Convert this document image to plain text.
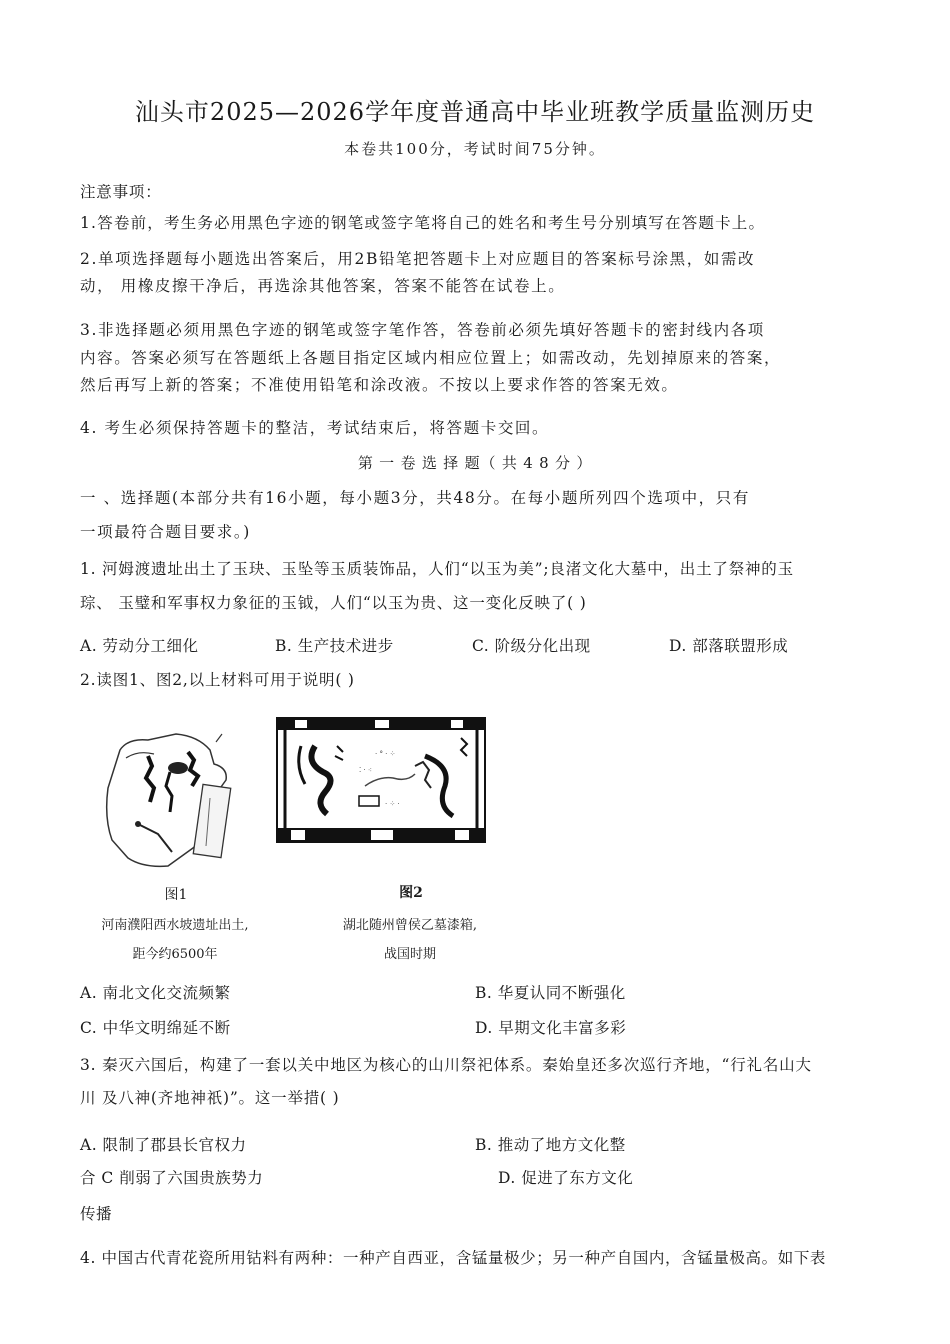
汕头市2025—2026学年度普通高中毕业班教学质量监测历史
本卷共100分，考试时间75分钟。
注意事项：
1.答卷前，考生务必用黑色字迹的钢笔或签字笔将自己的姓名和考生号分别填写在答题卡上。
2.单项选择题每小题选出答案后，用2B铅笔把答题卡上对应题目的答案标号涂黑，如需改
动， 用橡皮擦干净后，再选涂其他答案，答案不能答在试卷上。
3.非选择题必须用黑色字迹的钢笔或签字笔作答，答卷前必须先填好答题卡的密封线内各项
内容。答案必须写在答题纸上各题目指定区域内相应位置上；如需改动，先划掉原来的答案，
然后再写上新的答案；不准使用铅笔和涂改液。不按以上要求作答的答案无效。
4. 考生必须保持答题卡的整洁，考试结束后，将答题卡交回。
第 一 卷 选 择 题（ 共 4 8 分 ）
一 、选择题(本部分共有16小题，每小题3分，共48分。在每小题所列四个选项中，只有
一项最符合题目要求。)
1. 河姆渡遗址出土了玉玦、玉坠等玉质装饰品，人们“以玉为美”;良渚文化大墓中，出土了祭神的玉
琮、 玉璧和军事权力象征的玉钺，人们“以玉为贵、这一变化反映了( )
A. 劳动分工细化	B. 生产技术进步	C. 阶级分化出现	D. 部落联盟形成
2.读图1、图2,以上材料可用于说明( )
· ° · ⁘
⁚ · ⁖
· ⁘ ·
图1
河南濮阳西水坡遗址出土,
距今约6500年
图2
湖北随州曾侯乙墓漆箱,
战国时期
A. 南北文化交流频繁	B. 华夏认同不断强化
C. 中华文明绵延不断	D. 早期文化丰富多彩
3. 秦灭六国后，构建了一套以关中地区为核心的山川祭祀体系。秦始皇还多次巡行齐地，“行礼名山大
川 及八神(齐地神祇)”。这一举措( )
A. 限制了郡县长官权力	B. 推动了地方文化整
合 C 削弱了六国贵族势力	D. 促进了东方文化
传播
4. 中国古代青花瓷所用钴料有两种：一种产自西亚，含锰量极少；另一种产自国内，含锰量极高。如下表
